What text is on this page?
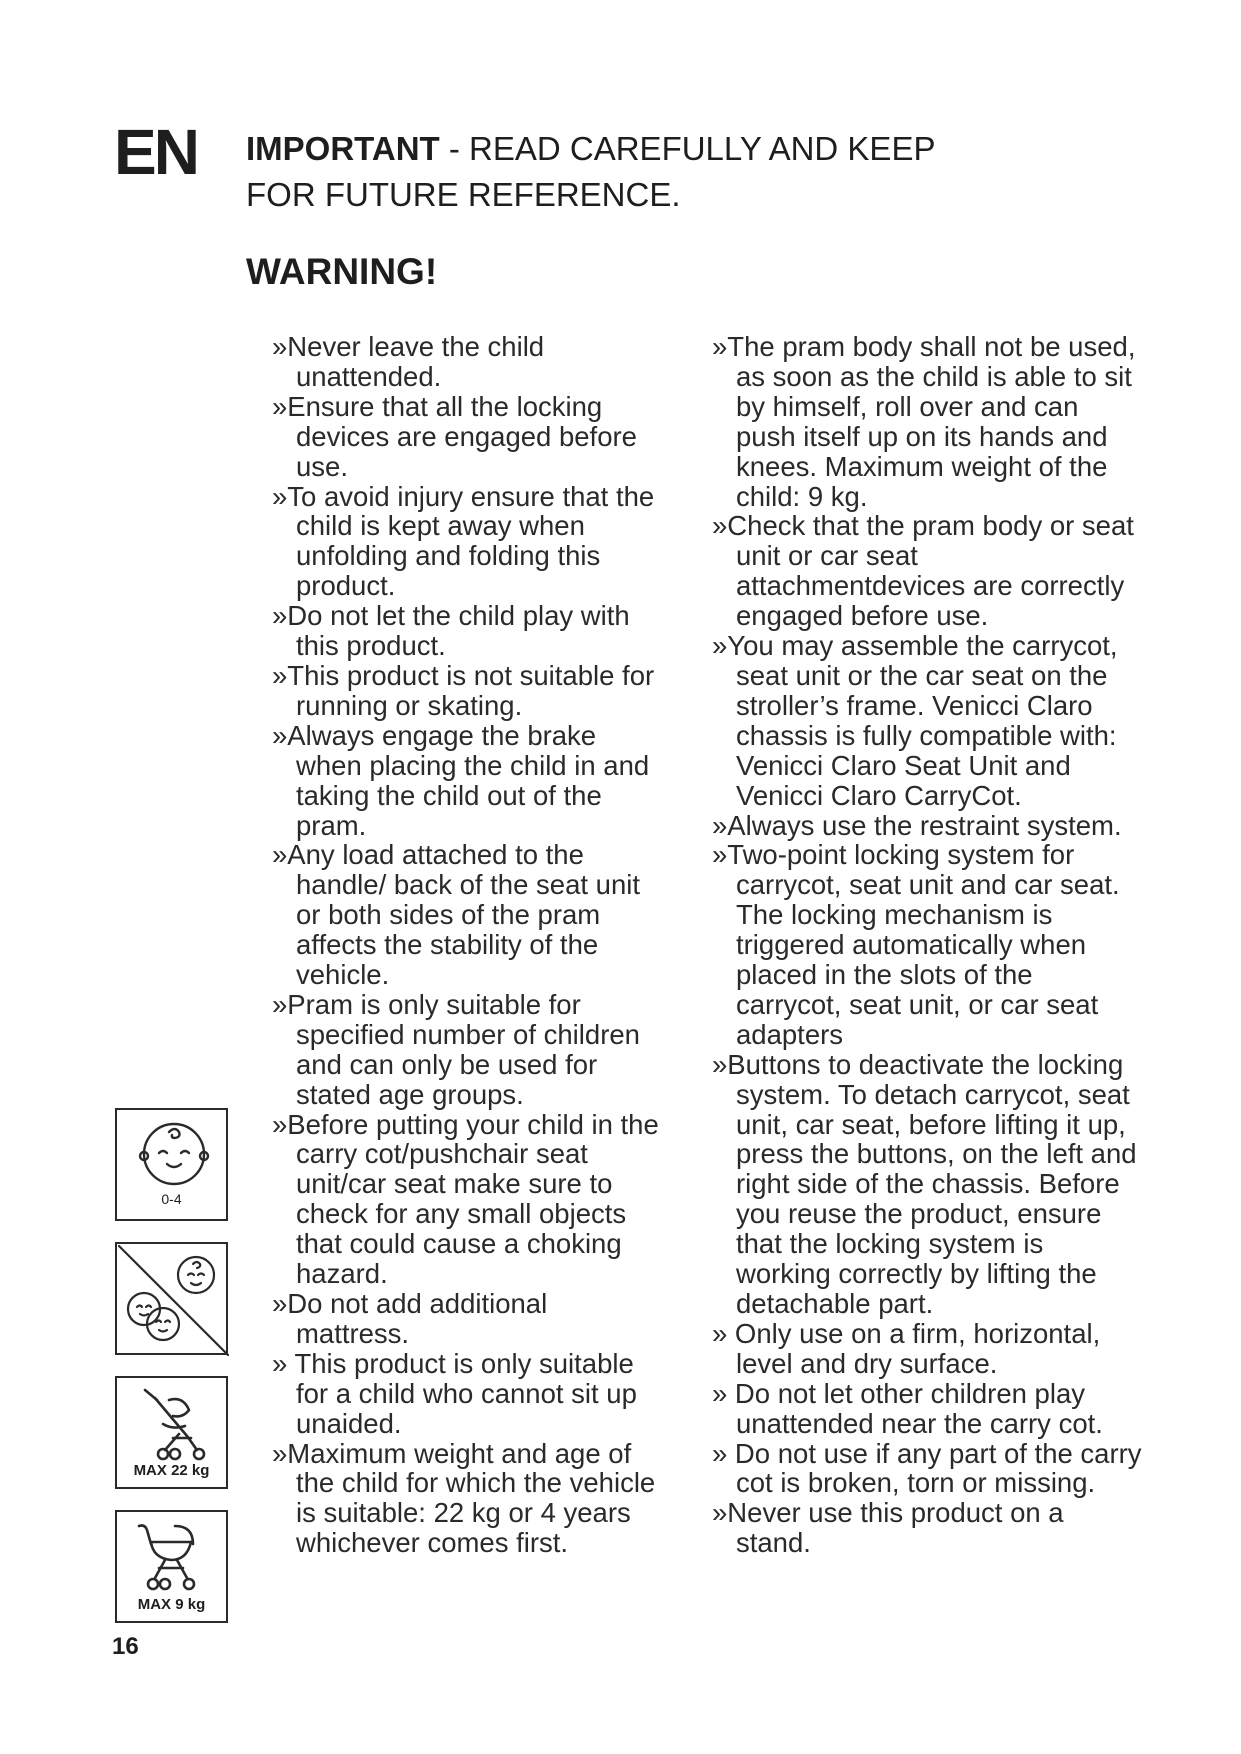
EN IMPORTANT - READ CAREFULLY AND KEEP
FOR FUTURE REFERENCE.
WARNING!
»Never leave the child unattended.
»Ensure that all the locking devices are engaged before use.
»To avoid injury ensure that the child is kept away when unfolding and folding this product.
»Do not let the child play with this product.
»This product is not suitable for running or skating.
»Always engage the brake when placing the child in and taking the child out of the pram.
»Any load attached to the handle/ back of the seat unit or both sides of the pram affects the stability of the vehicle.
»Pram is only suitable for specified number of children and can only be used for stated age groups.
»Before putting your child in the carry cot/pushchair seat unit/car seat make sure to check for any small objects that could cause a choking hazard.
»Do not add additional mattress.
» This product is only suitable for a child who cannot sit up unaided.
»Maximum weight and age of the child for which the vehicle is suitable: 22 kg or 4 years whichever comes first.
»The pram body shall not be used, as soon as the child is able to sit by himself, roll over and can push itself up on its hands and knees. Maximum weight of the child: 9 kg.
»Check that the pram body or seat unit or car seat attachmentdevices are correctly engaged before use.
»You may assemble the carrycot, seat unit or the car seat on the stroller’s frame. Venicci Claro chassis is fully compatible with: Venicci Claro Seat Unit and Venicci Claro CarryCot.
»Always use the restraint system.
»Two-point locking system for carrycot, seat unit and car seat. The locking mechanism is triggered automatically when placed in the slots of the carrycot, seat unit, or car seat adapters
»Buttons to deactivate the locking system. To detach carrycot, seat unit, car seat, before lifting it up, press the buttons, on the left and right side of the chassis. Before you reuse the product, ensure that the locking system is working correctly by lifting the detachable part.
» Only use on a firm, horizontal, level and dry surface.
» Do not let other children play unattended near the carry cot.
» Do not use if any part of the carry cot is broken, torn or missing.
»Never use this product on a stand.
0-4
MAX 22 kg
MAX 9 kg
16
